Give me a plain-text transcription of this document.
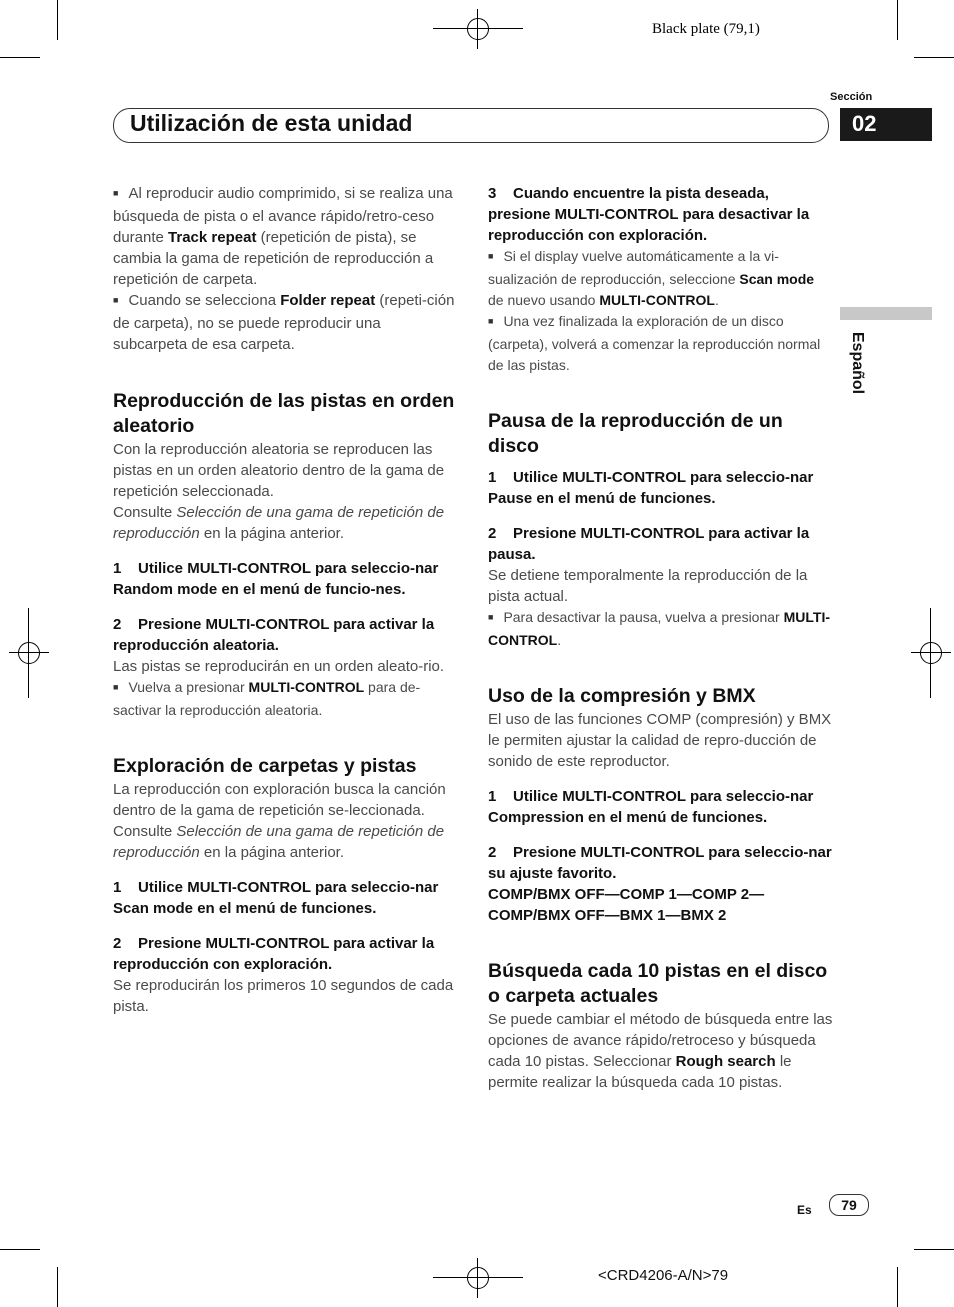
Black plate (79,1)
Sección
Utilización de esta unidad	02
Español

■ Al reproducir audio comprimido, si se realiza una búsqueda de pista o el avance rápido/retro-ceso durante Track repeat (repetición de pista), se cambia la gama de repetición de reproducción a repetición de carpeta.

■ Cuando se selecciona Folder repeat (repeti-ción de carpeta), no se puede reproducir una subcarpeta de esa carpeta.

Reproducción de las pistas en orden aleatorio

Con la reproducción aleatoria se reproducen las pistas en un orden aleatorio dentro de la gama de repetición seleccionada.

Consulte Selección de una gama de repetición de reproducción en la página anterior.

1    Utilice MULTI-CONTROL para seleccio-nar Random mode en el menú de funcio-nes.

2    Presione MULTI-CONTROL para activar la reproducción aleatoria.

Las pistas se reproducirán en un orden aleato-rio.

■ Vuelva a presionar MULTI-CONTROL para de-sactivar la reproducción aleatoria.

Exploración de carpetas y pistas

La reproducción con exploración busca la canción dentro de la gama de repetición se-leccionada.

Consulte Selección de una gama de repetición de reproducción en la página anterior.

1    Utilice MULTI-CONTROL para seleccio-nar Scan mode en el menú de funciones.

2    Presione MULTI-CONTROL para activar la reproducción con exploración.

Se reproducirán los primeros 10 segundos de cada pista.

3    Cuando encuentre la pista deseada, presione MULTI-CONTROL para desactivar la reproducción con exploración.

■ Si el display vuelve automáticamente a la vi-sualización de reproducción, seleccione Scan mode de nuevo usando MULTI-CONTROL.

■ Una vez finalizada la exploración de un disco (carpeta), volverá a comenzar la reproducción normal de las pistas.

Pausa de la reproducción de un disco

1    Utilice MULTI-CONTROL para seleccio-nar Pause en el menú de funciones.

2    Presione MULTI-CONTROL para activar la pausa.

Se detiene temporalmente la reproducción de la pista actual.

■ Para desactivar la pausa, vuelva a presionar MULTI-CONTROL.

Uso de la compresión y BMX

El uso de las funciones COMP (compresión) y BMX le permiten ajustar la calidad de repro-ducción de sonido de este reproductor.

1    Utilice MULTI-CONTROL para seleccio-nar Compression en el menú de funciones.

2    Presione MULTI-CONTROL para seleccio-nar su ajuste favorito.

COMP/BMX OFF—COMP 1—COMP 2—COMP/BMX OFF—BMX 1—BMX 2

Búsqueda cada 10 pistas en el disco o carpeta actuales

Se puede cambiar el método de búsqueda entre las opciones de avance rápido/retroceso y búsqueda cada 10 pistas. Seleccionar Rough search le permite realizar la búsqueda cada 10 pistas.

Es	79
<CRD4206-A/N>79
